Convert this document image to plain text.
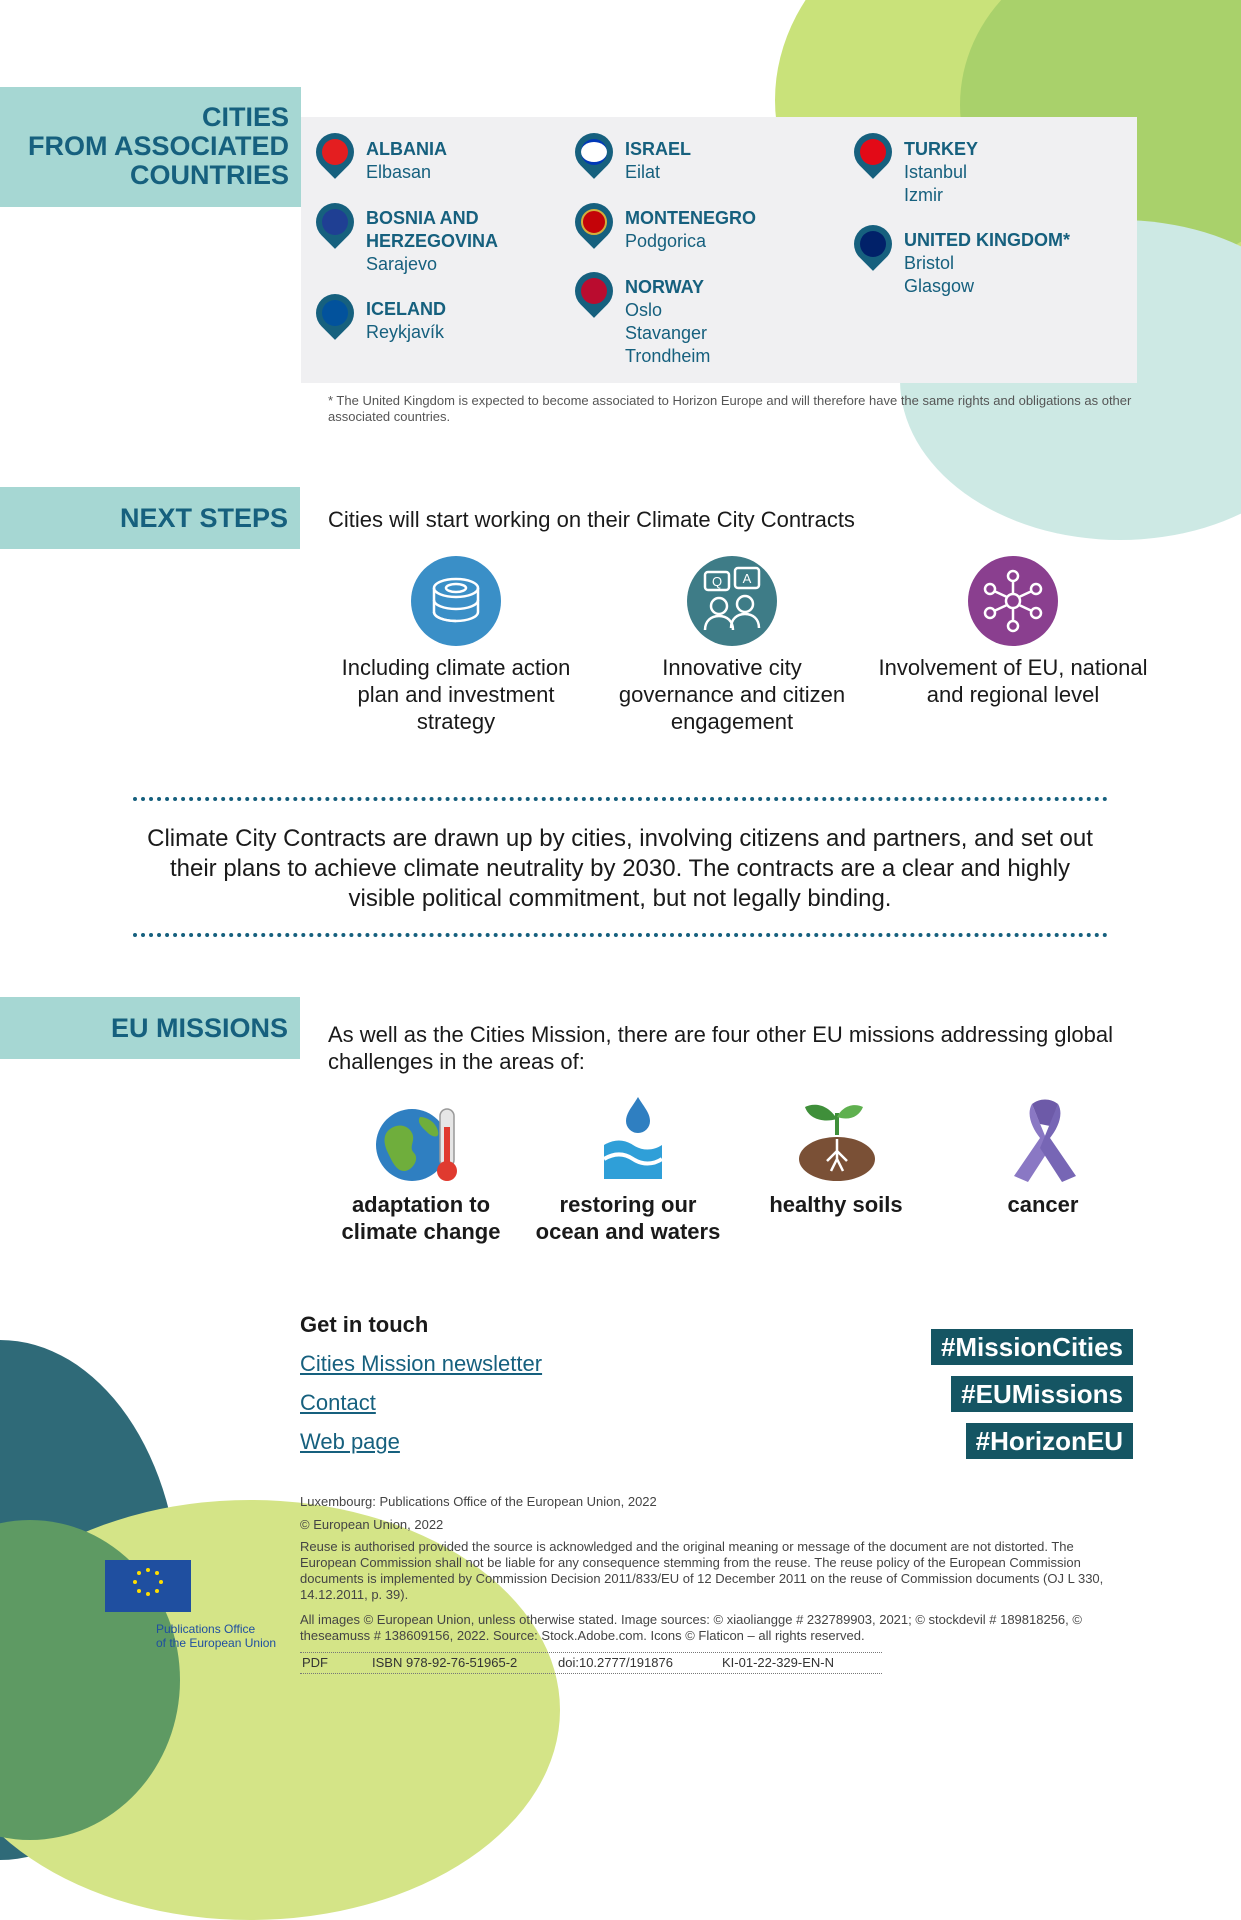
CITIES
FROM ASSOCIATED
COUNTRIES
ALBANIA
Elbasan
BOSNIA AND HERZEGOVINA
Sarajevo
ICELAND
Reykjavík
ISRAEL
Eilat
MONTENEGRO
Podgorica
NORWAY
Oslo
Stavanger
Trondheim
TURKEY
Istanbul
Izmir
UNITED KINGDOM*
Bristol
Glasgow
* The United Kingdom is expected to become associated to Horizon Europe and will therefore have the same rights and obligations as other associated countries.
NEXT STEPS	Cities will start working on their Climate City Contracts
Q A
Including climate action plan and investment strategy
Innovative city governance and citizen engagement
Involvement of EU, national and regional level
Climate City Contracts are drawn up by cities, involving citizens and partners, and set out their plans to achieve climate neutrality by 2030. The contracts are a clear and highly visible political commitment, but not legally binding.
EU MISSIONS	As well as the Cities Mission, there are four other EU missions addressing global challenges in the areas of:
adaptation to climate change
restoring our ocean and waters
healthy soils	cancer
Get in touch
Cities Mission newsletter
Contact
Web page
#MissionCities
#EUMissions
#HorizonEU
Luxembourg: Publications Office of the European Union, 2022
© European Union, 2022
Reuse is authorised provided the source is acknowledged and the original meaning or message of the document are not distorted. The European Commission shall not be liable for any consequence stemming from the reuse. The reuse policy of the European Commission documents is implemented by Commission Decision 2011/833/EU of 12 December 2011 on the reuse of Commission documents (OJ L 330, 14.12.2011, p. 39).
All images © European Union, unless otherwise stated. Image sources: © xiaoliangge # 232789903, 2021; © stockdevil # 189818256, © theseamuss # 138609156, 2022. Source: Stock.Adobe.com. Icons © Flaticon – all rights reserved.
PDF	ISBN 978-92-76-51965-2	doi:10.2777/191876	KI-01-22-329-EN-N
Publications Office
of the European Union
